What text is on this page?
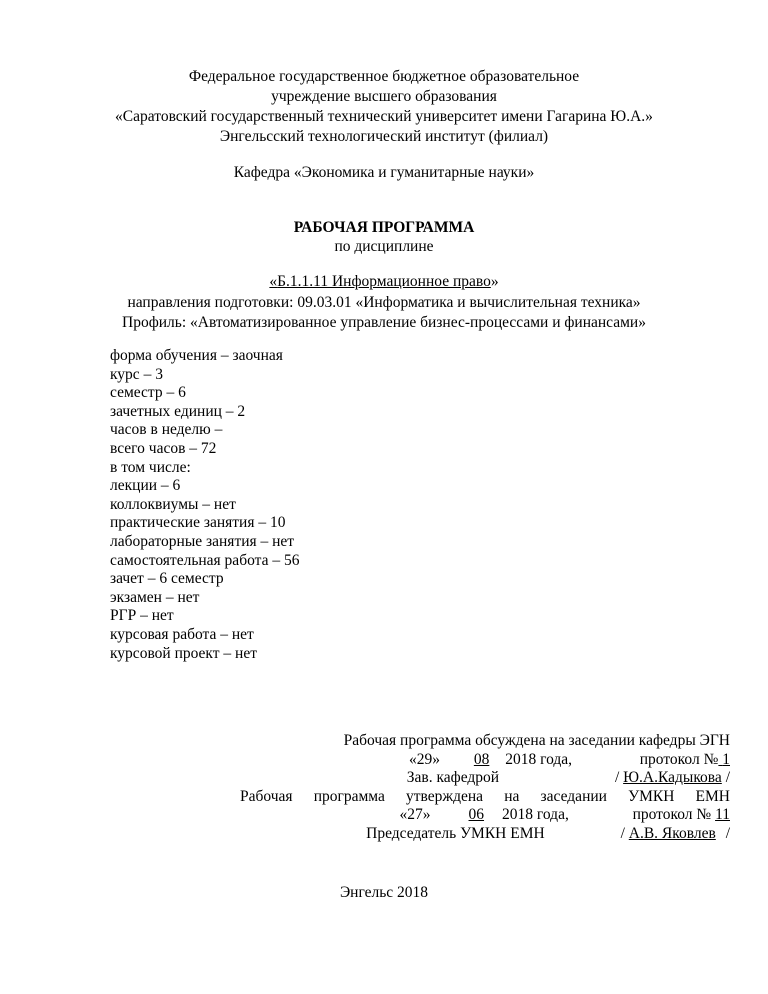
Федеральное государственное бюджетное образовательное
учреждение высшего образования
«Саратовский государственный технический университет имени Гагарина Ю.А.»
Энгельсский технологический институт (филиал)
Кафедра «Экономика и гуманитарные науки»
РАБОЧАЯ ПРОГРАММА
по дисциплине
«Б.1.1.11 Информационное право»
направления подготовки: 09.03.01 «Информатика и вычислительная техника»
Профиль: «Автоматизированное управление бизнес-процессами и финансами»
форма обучения – заочная
курс – 3
семестр – 6
зачетных единиц – 2
часов в неделю –
всего часов – 72
в том числе:
лекции – 6
коллоквиумы – нет
практические занятия – 10
лабораторные занятия – нет
самостоятельная работа – 56
зачет – 6 семестр
экзамен – нет
РГР – нет
курсовая работа – нет
курсовой проект – нет
Рабочая программа обсуждена на заседании кафедры ЭГН
«29» 08 2018 года,	протокол № 1
Зав. кафедрой	/ Ю.А.Кадыкова /
Рабочая программа утверждена на заседании УМКН ЕМН
«27» 06 2018 года,	протокол № 11
Председатель УМКН ЕМН	/ А.В. Яковлев /
Энгельс 2018
